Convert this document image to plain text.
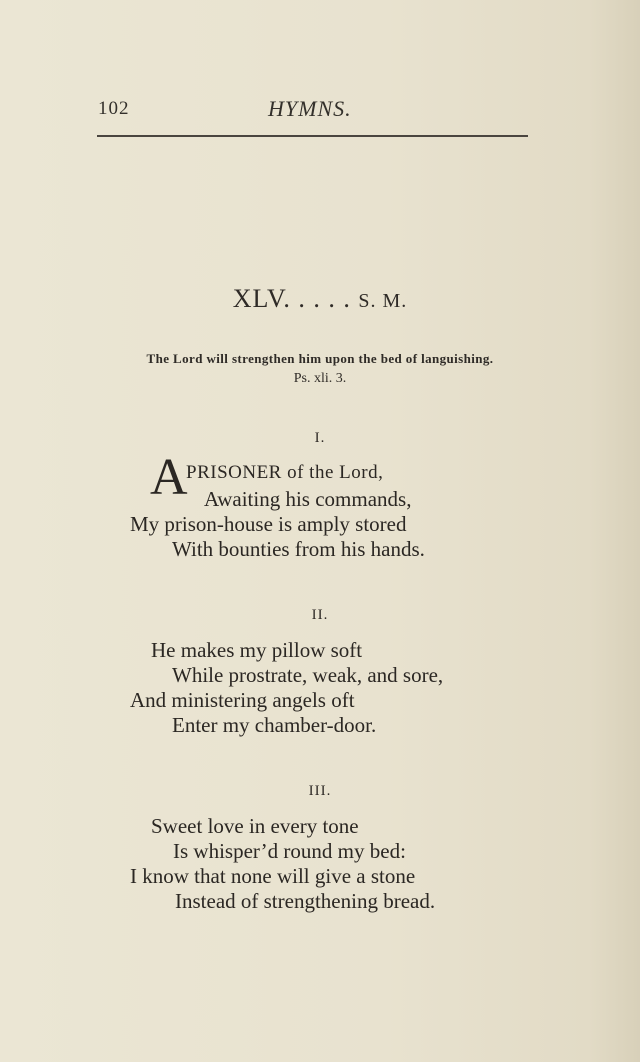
102	HYMNS.
XLV. . . . . S. M.
The Lord will strengthen him upon the bed of languishing.
Ps. xli. 3.
I.
A
PRISONER of the Lord,
Awaiting his commands,
My prison-house is amply stored
With bounties from his hands.
II.
He makes my pillow soft
While prostrate, weak, and sore,
And ministering angels oft
Enter my chamber-door.
III.
Sweet love in every tone
Is whisper’d round my bed:
I know that none will give a stone
Instead of strengthening bread.
